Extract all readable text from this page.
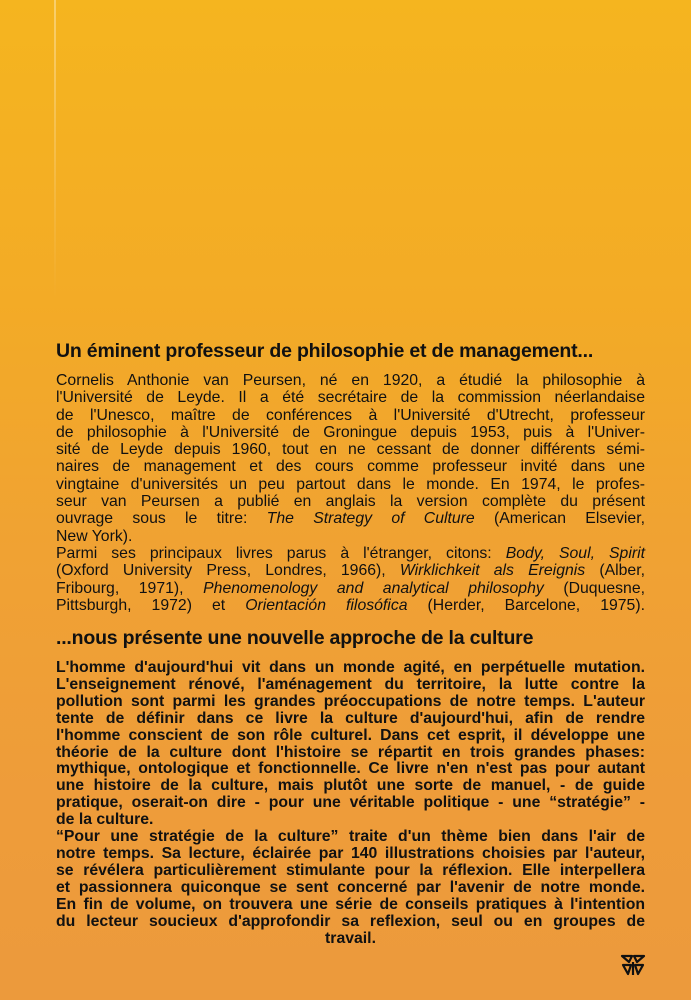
Un éminent professeur de philosophie et de management...

Cornelis Anthonie van Peursen, né en 1920, a étudié la philosophie à
l'Université de Leyde. Il a été secrétaire de la commission néerlandaise
de l'Unesco, maître de conférences à l'Université d'Utrecht, professeur
de philosophie à l'Université de Groningue depuis 1953, puis à l'Univer-
sité de Leyde depuis 1960, tout en ne cessant de donner différents sémi-
naires de management et des cours comme professeur invité dans une
vingtaine d'universités un peu partout dans le monde. En 1974, le profes-
seur van Peursen a publié en anglais la version complète du présent
ouvrage sous le titre: The Strategy of Culture (American Elsevier,
New York).

Parmi ses principaux livres parus à l'étranger, citons: Body, Soul, Spirit
(Oxford University Press, Londres, 1966), Wirklichkeit als Ereignis (Alber,
Fribourg, 1971), Phenomenology and analytical philosophy (Duquesne,
Pittsburgh, 1972) et Orientación filosófica (Herder, Barcelone, 1975).

...nous présente une nouvelle approche de la culture

L'homme d'aujourd'hui vit dans un monde agité, en perpétuelle mutation.
L'enseignement rénové, l'aménagement du territoire, la lutte contre la
pollution sont parmi les grandes préoccupations de notre temps. L'auteur
tente de définir dans ce livre la culture d'aujourd'hui, afin de rendre
l'homme conscient de son rôle culturel. Dans cet esprit, il développe une
théorie de la culture dont l'histoire se répartit en trois grandes phases:
mythique, ontologique et fonctionnelle. Ce livre n'en n'est pas pour autant
une histoire de la culture, mais plutôt une sorte de manuel, - de guide
pratique, oserait-on dire - pour une véritable politique - une “stratégie” -
de la culture.

“Pour une stratégie de la culture” traite d'un thème bien dans l'air de
notre temps. Sa lecture, éclairée par 140 illustrations choisies par l'auteur,
se révélera particulièrement stimulante pour la réflexion. Elle interpellera
et passionnera quiconque se sent concerné par l'avenir de notre monde.
En fin de volume, on trouvera une série de conseils pratiques à l'intention
du lecteur soucieux d'approfondir sa reflexion, seul ou en groupes de
travail.
